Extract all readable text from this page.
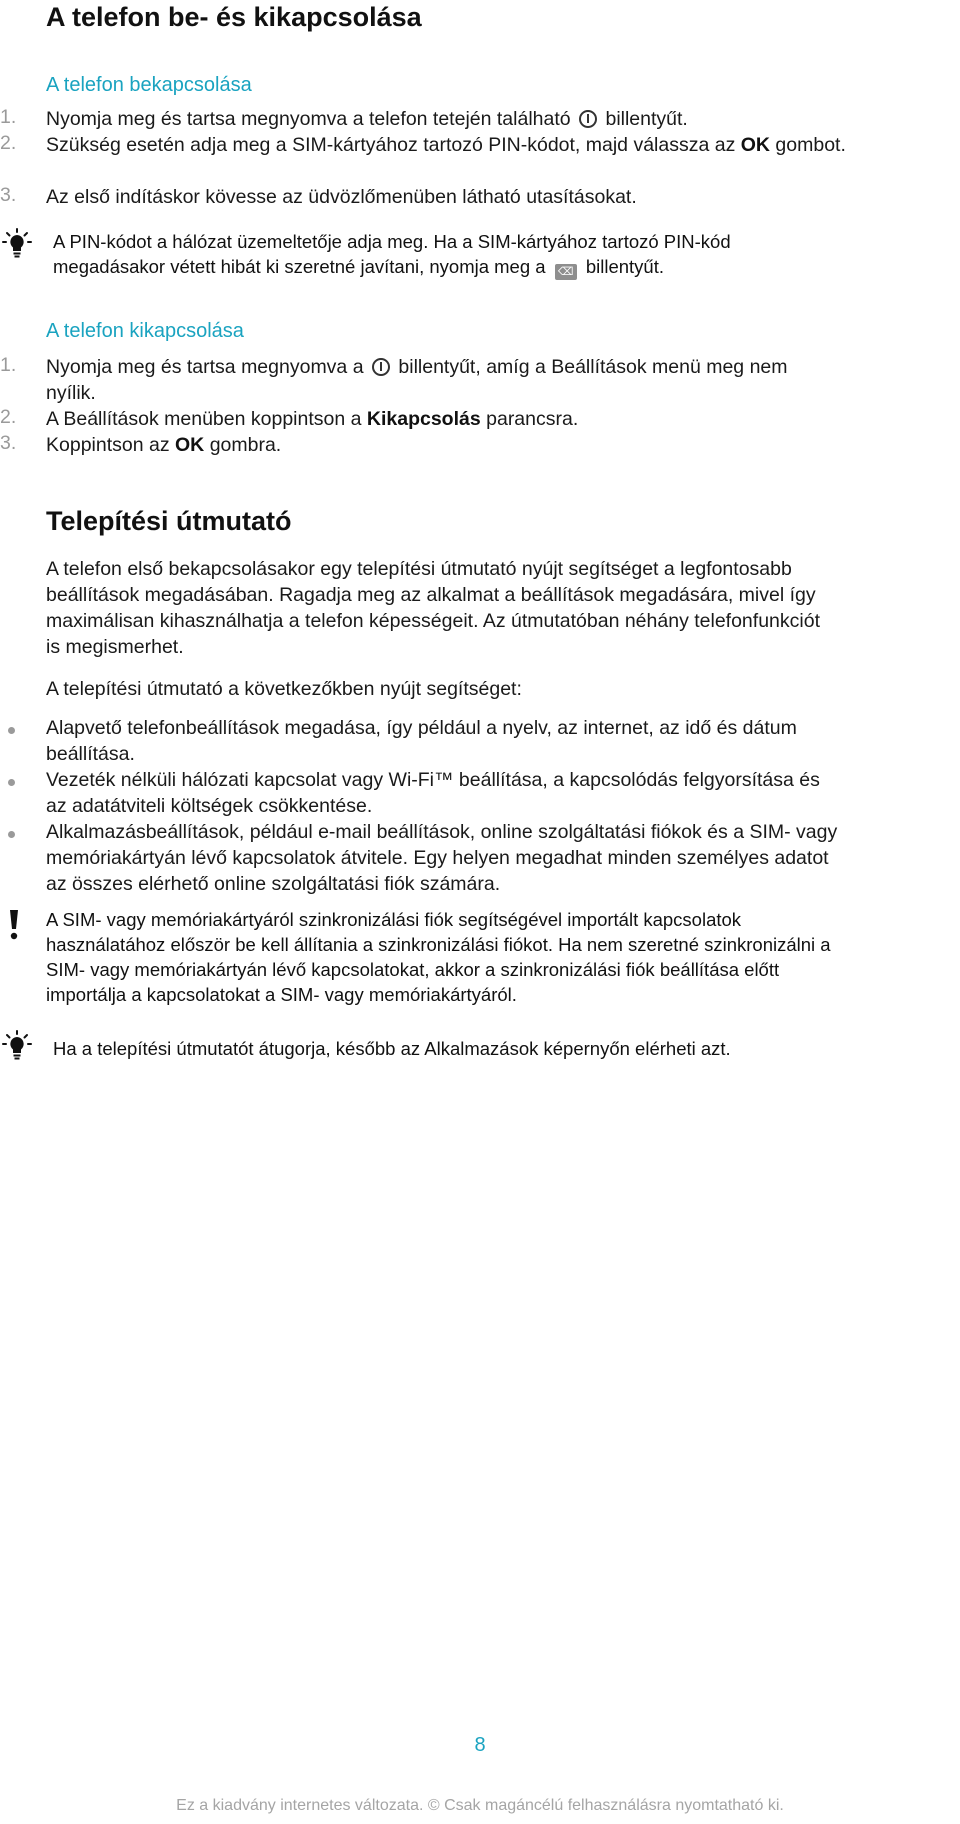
A telefon be- és kikapcsolása
A telefon bekapcsolása
1. Nyomja meg és tartsa megnyomva a telefon tetején található billentyűt.
2. Szükség esetén adja meg a SIM-kártyához tartozó PIN-kódot, majd válassza az OK gombot.
3. Az első indításkor kövesse az üdvözlőmenüben látható utasításokat.
A PIN-kódot a hálózat üzemeltetője adja meg. Ha a SIM-kártyához tartozó PIN-kód
megadásakor vétett hibát ki szeretné javítani, nyomja meg a ⌫ billentyűt.
A telefon kikapcsolása
1. Nyomja meg és tartsa megnyomva a billentyűt, amíg a Beállítások menü meg nem
nyílik.
2. A Beállítások menüben koppintson a Kikapcsolás parancsra.
3. Koppintson az OK gombra.
Telepítési útmutató
A telefon első bekapcsolásakor egy telepítési útmutató nyújt segítséget a legfontosabb
beállítások megadásában. Ragadja meg az alkalmat a beállítások megadására, mivel így
maximálisan kihasználhatja a telefon képességeit. Az útmutatóban néhány telefonfunkciót
is megismerhet.
A telepítési útmutató a következőkben nyújt segítséget:
Alapvető telefonbeállítások megadása, így például a nyelv, az internet, az idő és dátum
beállítása.
Vezeték nélküli hálózati kapcsolat vagy Wi-Fi™ beállítása, a kapcsolódás felgyorsítása és
az adatátviteli költségek csökkentése.
Alkalmazásbeállítások, például e-mail beállítások, online szolgáltatási fiókok és a SIM- vagy
memóriakártyán lévő kapcsolatok átvitele. Egy helyen megadhat minden személyes adatot
az összes elérhető online szolgáltatási fiók számára.
A SIM- vagy memóriakártyáról szinkronizálási fiók segítségével importált kapcsolatok
használatához először be kell állítania a szinkronizálási fiókot. Ha nem szeretné szinkronizálni a
SIM- vagy memóriakártyán lévő kapcsolatokat, akkor a szinkronizálási fiók beállítása előtt
importálja a kapcsolatokat a SIM- vagy memóriakártyáról.
Ha a telepítési útmutatót átugorja, később az Alkalmazások képernyőn elérheti azt.
8
Ez a kiadvány internetes változata. © Csak magáncélú felhasználásra nyomtatható ki.
